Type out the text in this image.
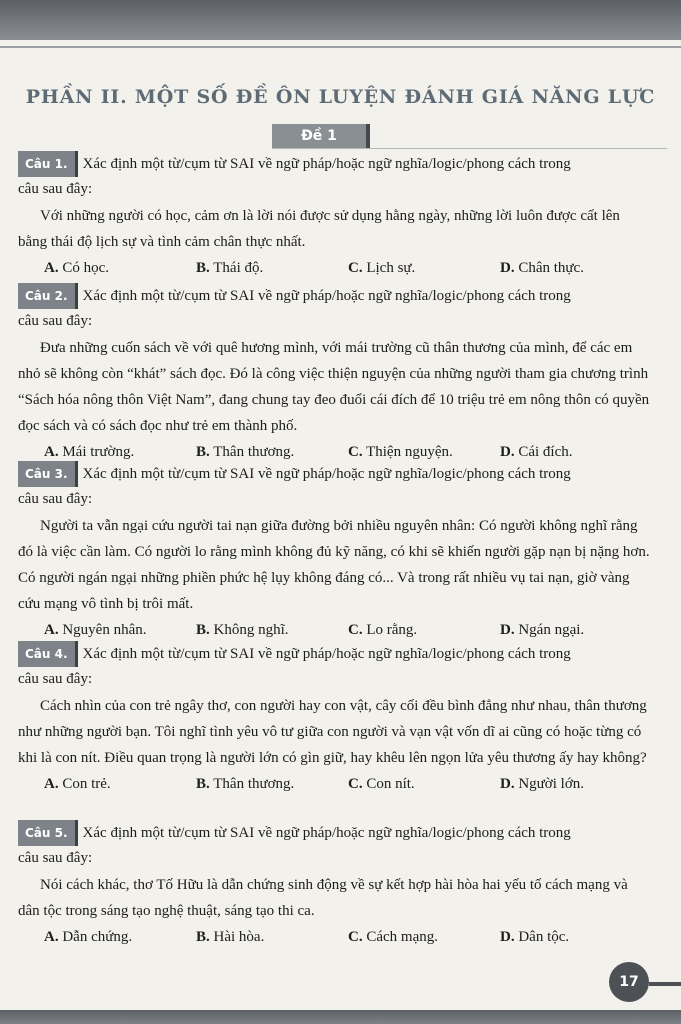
PHẦN II. MỘT SỐ ĐỀ ÔN LUYỆN ĐÁNH GIÁ NĂNG LỰC
Đề 1
Câu 1. Xác định một từ/cụm từ SAI về ngữ pháp/hoặc ngữ nghĩa/logic/phong cách trong
câu sau đây:
Với những người có học, cảm ơn là lời nói được sử dụng hằng ngày, những lời luôn được cất lên bằng thái độ lịch sự và tình cảm chân thực nhất.
A. Có học.	B. Thái độ.	C. Lịch sự.	D. Chân thực.
Câu 2. Xác định một từ/cụm từ SAI về ngữ pháp/hoặc ngữ nghĩa/logic/phong cách trong
câu sau đây:
Đưa những cuốn sách về với quê hương mình, với mái trường cũ thân thương của mình, để các em nhỏ sẽ không còn “khát” sách đọc. Đó là công việc thiện nguyện của những người tham gia chương trình “Sách hóa nông thôn Việt Nam”, đang chung tay đeo đuổi cái đích để 10 triệu trẻ em nông thôn có quyền đọc sách và có sách đọc như trẻ em thành phố.
A. Mái trường.	B. Thân thương.	C. Thiện nguyện.	D. Cái đích.
Câu 3. Xác định một từ/cụm từ SAI về ngữ pháp/hoặc ngữ nghĩa/logic/phong cách trong
câu sau đây:
Người ta vẫn ngại cứu người tai nạn giữa đường bởi nhiều nguyên nhân: Có người không nghĩ rằng đó là việc cần làm. Có người lo rằng mình không đủ kỹ năng, có khi sẽ khiến người gặp nạn bị nặng hơn. Có người ngán ngại những phiền phức hệ lụy không đáng có... Và trong rất nhiều vụ tai nạn, giờ vàng cứu mạng vô tình bị trôi mất.
A. Nguyên nhân.	B. Không nghĩ.	C. Lo rằng.	D. Ngán ngại.
Câu 4. Xác định một từ/cụm từ SAI về ngữ pháp/hoặc ngữ nghĩa/logic/phong cách trong
câu sau đây:
Cách nhìn của con trẻ ngây thơ, con người hay con vật, cây cối đều bình đẳng như nhau, thân thương như những người bạn. Tôi nghĩ tình yêu vô tư giữa con người và vạn vật vốn dĩ ai cũng có hoặc từng có khi là con nít. Điều quan trọng là người lớn có gìn giữ, hay khêu lên ngọn lửa yêu thương ấy hay không?
A. Con trẻ.	B. Thân thương.	C. Con nít.	D. Người lớn.
Câu 5. Xác định một từ/cụm từ SAI về ngữ pháp/hoặc ngữ nghĩa/logic/phong cách trong
câu sau đây:
Nói cách khác, thơ Tố Hữu là dẫn chứng sinh động về sự kết hợp hài hòa hai yếu tố cách mạng và dân tộc trong sáng tạo nghệ thuật, sáng tạo thi ca.
A. Dẫn chứng.	B. Hài hòa.	C. Cách mạng.	D. Dân tộc.
17
